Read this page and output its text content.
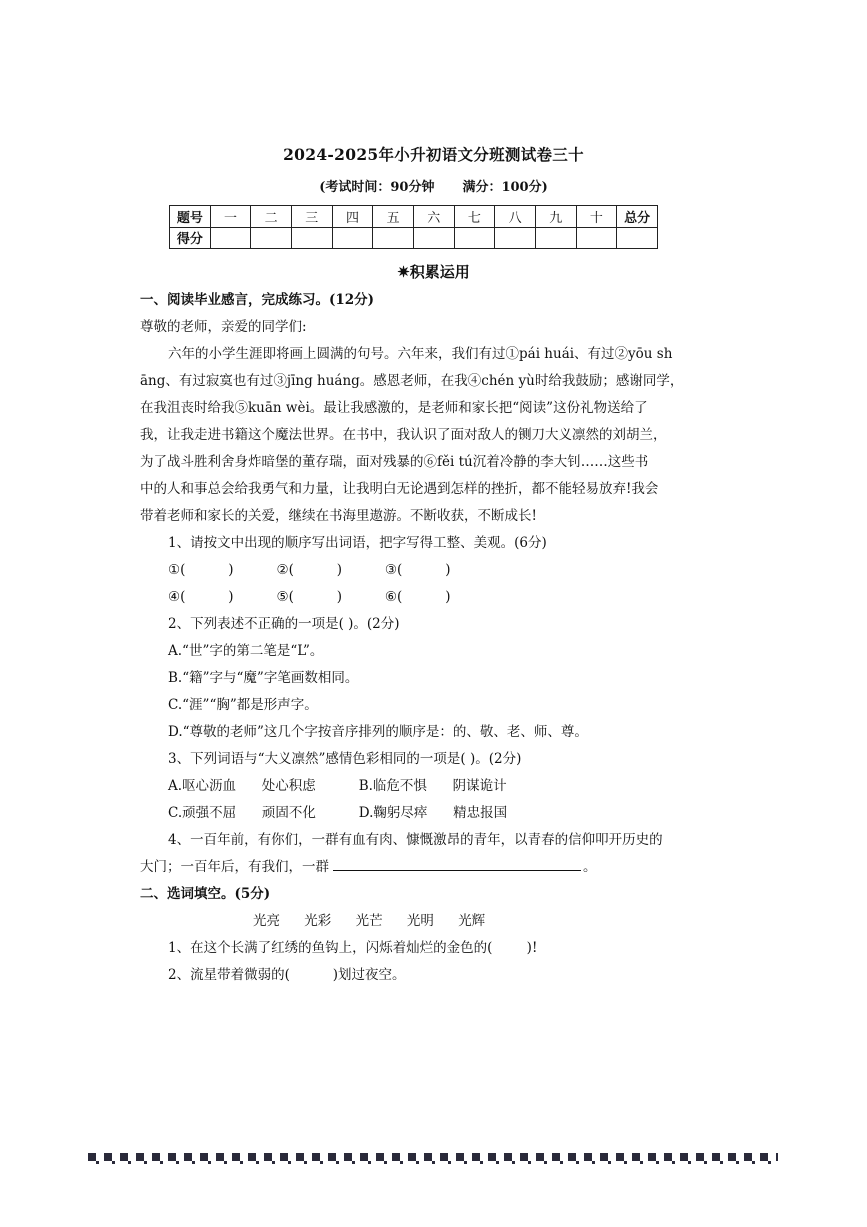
2024-2025年小升初语文分班测试卷三十
(考试时间：90分钟 满分：100分)
题号	一	二	三	四	五	六	七	八	九	十	总分
得分											
✷积累运用
一、阅读毕业感言，完成练习。(12分)
尊敬的老师，亲爱的同学们:
六年的小学生涯即将画上圆满的句号。六年来，我们有过①pái huái、有过②yōu sh
āng、有过寂寞也有过③jīng huáng。感恩老师，在我④chén yù时给我鼓励；感谢同学，
在我沮丧时给我⑤kuān wèi。最让我感激的，是老师和家长把“阅读”这份礼物送给了
我，让我走进书籍这个魔法世界。在书中，我认识了面对敌人的铡刀大义凛然的刘胡兰，
为了战斗胜利舍身炸暗堡的董存瑞，面对残暴的⑥fěi tú沉着冷静的李大钊……这些书
中的人和事总会给我勇气和力量，让我明白无论遇到怎样的挫折，都不能轻易放弃!我会
带着老师和家长的关爱，继续在书海里遨游。不断收获，不断成长!
1、请按文中出现的顺序写出词语，把字写得工整、美观。(6分)
①(          )          ②(          )          ③(          )
④(          )          ⑤(          )          ⑥(          )
2、下列表述不正确的一项是( )。(2分)
A.“世”字的第二笔是“L”。
B.“籍”字与“魔”字笔画数相同。
C.“涯”“胸”都是形声字。
D.“尊敬的老师”这几个字按音序排列的顺序是：的、敬、老、师、尊。
3、下列词语与“大义凛然”感情色彩相同的一项是( )。(2分)
A.呕心沥血      处心积虑          B.临危不惧      阴谋诡计
C.顽强不屈      顽固不化          D.鞠躬尽瘁      精忠报国
4、一百年前，有你们，一群有血有肉、慷慨激昂的青年，以青春的信仰叩开历史的
大门；一百年后，有我们，一群	。
二、选词填空。(5分)
光亮 光彩 光芒 光明 光辉
1、在这个长满了红绣的鱼钩上，闪烁着灿烂的金色的(        )!
2、流星带着微弱的(          )划过夜空。
